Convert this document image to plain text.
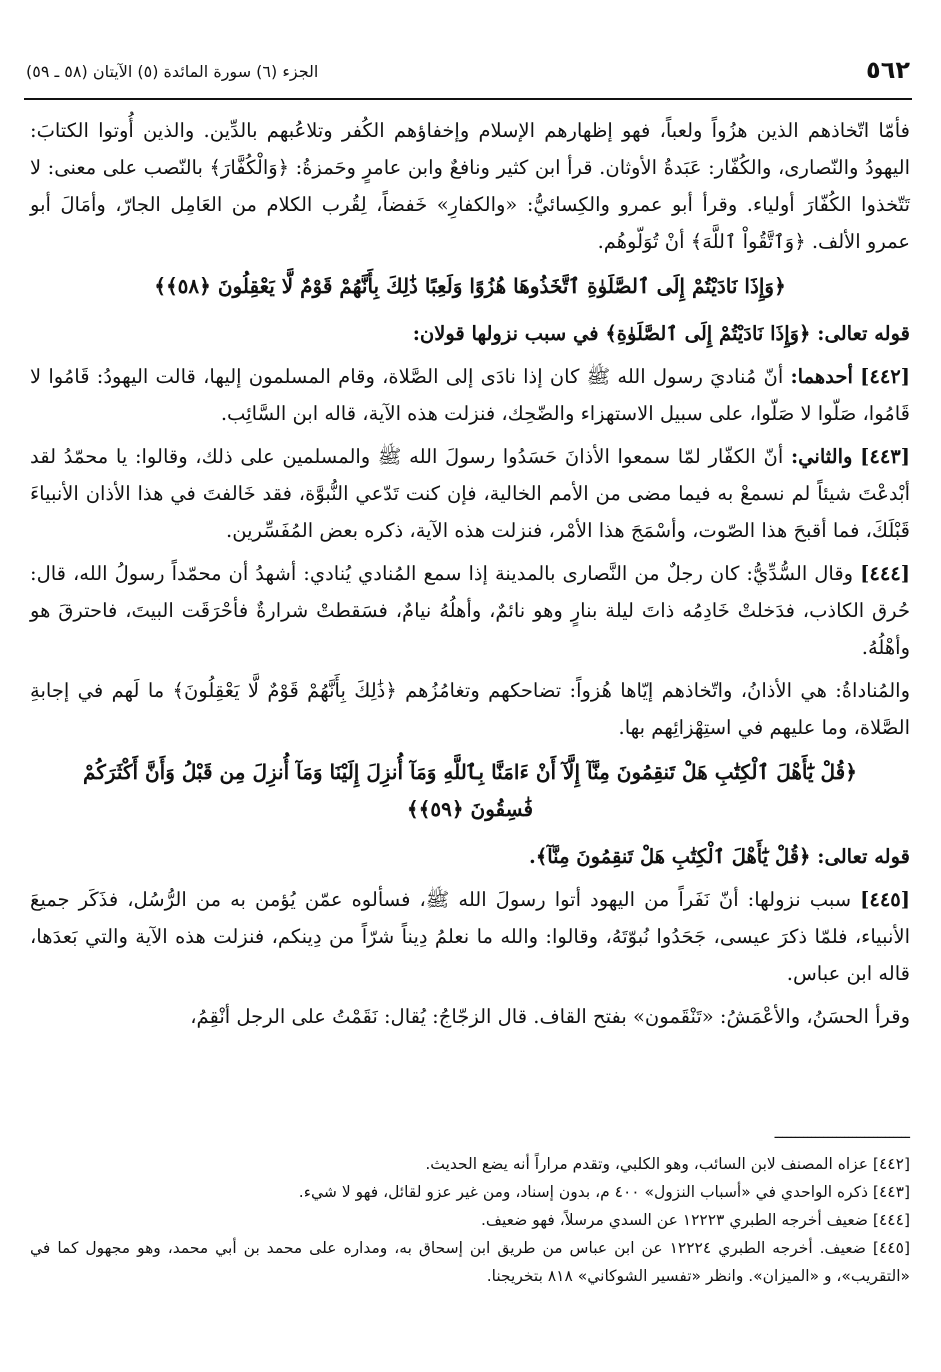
٥٦٢
الجزء (٦) سورة المائدة (٥) الآيتان (٥٨ ـ ٥٩)

فأمّا اتّخاذهم الذين هزُواً ولعباً، فهو إظهارهم الإسلام وإخفاؤهم الكُفر وتلاعُبهم بالدِّين. والذين أُوتوا الكتابَ: اليهودُ والنّصارى، والكُفّار: عَبَدةُ الأوثان. قرأ ابن كثير ونافعٌ وابن عامرٍ وحَمزةُ: ﴿وَالْكُفَّارَ﴾ بالنّصب على معنى: لا تَتّخذوا الكُفّارَ أولياء. وقرأ أبو عمرو والكِسائيُّ: «والكفارِ» خَفضاً، لِقُرب الكلام من العَامِل الجارّ، وأمَالَ أبو عمرو الألف. ﴿وَٱتَّقُواْ ٱللَّهَ﴾ أنْ تُوَلّوهُم.

﴿وَإِذَا نَادَيْتُمْ إِلَى ٱلصَّلَوٰةِ ٱتَّخَذُوهَا هُزُوًا وَلَعِبًا ذَٰلِكَ بِأَنَّهُمْ قَوْمٌ لَّا يَعْقِلُونَ ﴿٥٨﴾﴾

قوله تعالى: ﴿وَإِذَا نَادَيْتُمْ إِلَى ٱلصَّلَوٰةِ﴾ في سبب نزولها قولان:

[٤٤٢] أحدهما: أنّ مُناديَ رسول الله ﷺ كان إذا نادَى إلى الصَّلاة، وقام المسلمون إليها، قالت اليهودُ: قَامُوا لا قَامُوا، صَلّوا لا صَلّوا، على سبيل الاستهزاء والضّحِك، فنزلت هذه الآية، قاله ابن السَّائِب.

[٤٤٣] والثاني: أنّ الكفّار لمّا سمعوا الأذانَ حَسَدُوا رسولَ الله ﷺ والمسلمين على ذلك، وقالوا: يا محمّدُ لقد أبْدعْتَ شيئاً لم نسمعْ به فيما مضى من الأمم الخالية، فإن كنت تَدّعي النُّبوَّة، فقد خَالفتَ في هذا الأذان الأنبياءَ قَبْلَكَ، فما أقبحَ هذا الصّوت، وأسْمَجَ هذا الأمْر، فنزلت هذه الآية، ذكره بعض المُفَسِّرين.

[٤٤٤] وقال السُّدِّيُّ: كان رجلٌ من النَّصارى بالمدينة إذا سمع المُنادي يُنادي: أشهدُ أن محمّداً رسولُ الله، قال: حُرق الكاذب، فدَخلتْ خَادِمُه ذاتَ ليلة بنارٍ وهو نائمٌ، وأهلُهُ نيامٌ، فسَقطتْ شرارةٌ فأحْرَقَت البيتَ، فاحترقَ هو وأهْلُهُ.

والمُناداةُ: هي الأذانُ، واتّخاذهم إيّاها هُزواً: تضاحكهم وتغامُزُهم ﴿ذَٰلِكَ بِأَنَّهُمْ قَوْمٌ لَّا يَعْقِلُونَ﴾ ما لَهم في إجابةِ الصَّلاة، وما عليهم في استِهْزائِهم بها.

﴿قُلْ يَٰٓأَهْلَ ٱلْكِتَٰبِ هَلْ تَنقِمُونَ مِنَّآ إِلَّآ أَنْ ءَامَنَّا بِٱللَّهِ وَمَآ أُنزِلَ إِلَيْنَا وَمَآ أُنزِلَ مِن قَبْلُ وَأَنَّ أَكْثَرَكُمْ
فَٰسِقُونَ ﴿٥٩﴾﴾

قوله تعالى: ﴿قُلْ يَٰٓأَهْلَ ٱلْكِتَٰبِ هَلْ تَنقِمُونَ مِنَّآ﴾.

[٤٤٥] سبب نزولها: أنّ نَفَراً من اليهود أتوا رسولَ الله ﷺ، فسألوه عمّن يُؤمن به من الرُّسُل، فذَكَر جميعَ الأنبياء، فلمّا ذكرَ عيسى، جَحَدُوا نُبوّتَهُ، وقالوا: والله ما نعلمُ دِيناً شرّاً من دِينكم، فنزلت هذه الآية والتي بَعدَها، قاله ابن عباس.

وقرأ الحسَنُ، والأعْمَشُ: «تَنْقَمون» بفتح القاف. قال الزجّاجُ: يُقال: نَقَمْتُ على الرجل أنْقِمُ،

ـــــــــــــــــــــــــــــــــ

[٤٤٢] عزاه المصنف لابن السائب، وهو الكلبي، وتقدم مراراً أنه يضع الحديث.

[٤٤٣] ذكره الواحدي في «أسباب النزول» ٤٠٠ م، بدون إسناد، ومن غير عزو لقائل، فهو لا شيء.

[٤٤٤] ضعيف أخرجه الطبري ١٢٢٢٣ عن السدي مرسلاً، فهو ضعيف.

[٤٤٥] ضعيف. أخرجه الطبري ١٢٢٢٤ عن ابن عباس من طريق ابن إسحاق به، ومداره على محمد بن أبي محمد، وهو مجهول كما في «التقريب»، و «الميزان». وانظر «تفسير الشوكاني» ٨١٨ بتخريجنا.
